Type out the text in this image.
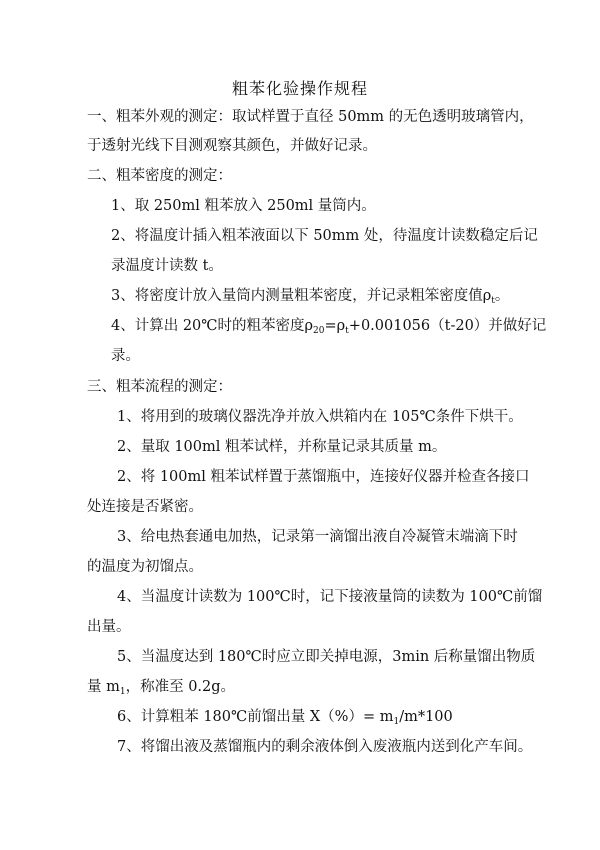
粗苯化验操作规程
一、粗苯外观的测定：取试样置于直径 50mm 的无色透明玻璃管内，
于透射光线下目测观察其颜色，并做好记录。
二、粗苯密度的测定：
1、取 250ml 粗苯放入 250ml 量筒内。
2、将温度计插入粗苯液面以下 50mm 处，待温度计读数稳定后记
录温度计读数 t。
3、将密度计放入量筒内测量粗苯密度，并记录粗笨密度值$\rho_t$。
4、计算出 20℃时的粗苯密度$\rho_{20}=\rho_t+0.001056(t-20)$并做好记
录。
三、粗苯流程的测定：
1、将用到的玻璃仪器洗净并放入烘箱内在 105℃条件下烘干。
2、量取 100ml 粗苯试样，并称量记录其质量 m。
2、将 100ml 粗苯试样置于蒸馏瓶中，连接好仪器并检查各接口
处连接是否紧密。
3、给电热套通电加热，记录第一滴馏出液自冷凝管末端滴下时
的温度为初馏点。
4、当温度计读数为 100℃时，记下接液量筒的读数为 100℃前馏
出量。
5、当温度达到 180℃时应立即关掉电源，3min 后称量馏出物质
量 $m_1$，称准至 0.2g。
6、计算粗苯 180℃前馏出量 $X(\%)= m_1/m*100$
7、将馏出液及蒸馏瓶内的剩余液体倒入废液瓶内送到化产车间。
